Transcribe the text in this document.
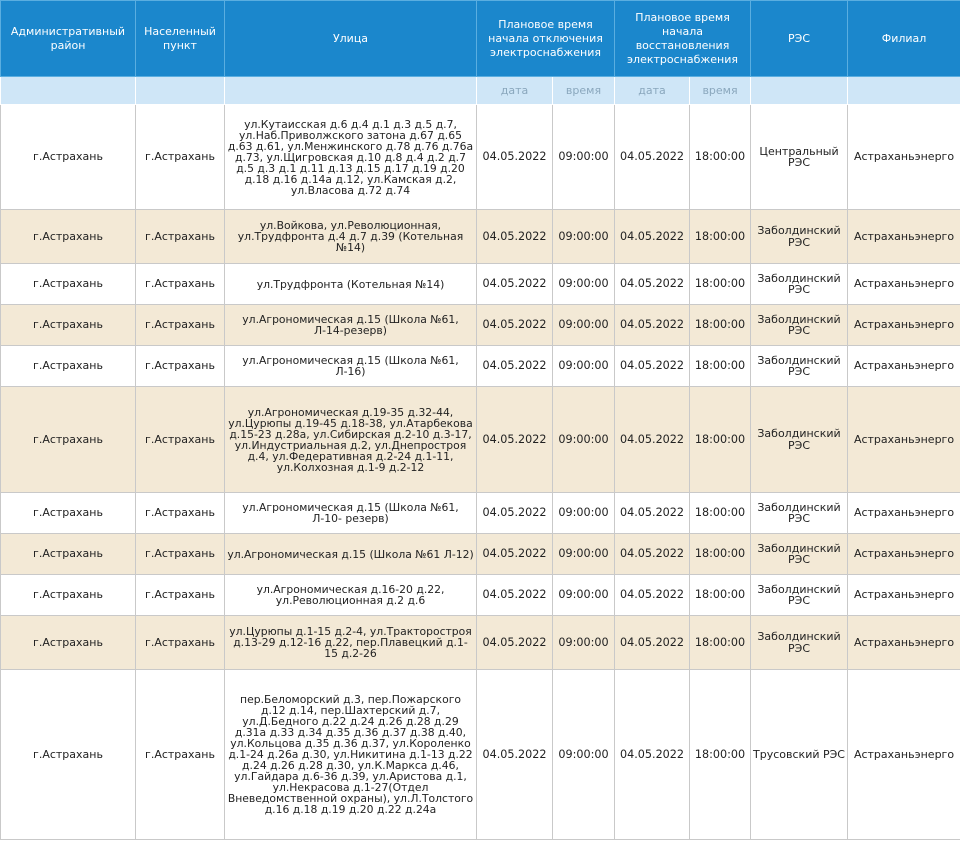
Административный район	Населенный пункт	Улица	Плановое время начала отключения электроснабжения		Плановое время начала восстановления электроснабжения		РЭС	Филиал
			дата	время	дата	время		
г.Астрахань	г.Астрахань	ул.Кутаисская д.6 д.4 д.1 д.3 д.5 д.7, ул.Наб.Приволжского затона д.67 д.65 д.63 д.61, ул.Менжинского д.78 д.76 д.76а д.73, ул.Щигровская д.10 д.8 д.4 д.2 д.7 д.5 д.3 д.1 д.11 д.13 д.15 д.17 д.19 д.20 д.18 д.16 д.14а д.12, ул.Камская д.2, ул.Власова д.72 д.74	04.05.2022	09:00:00	04.05.2022	18:00:00	Центральный РЭС	Астраханьэнерго
г.Астрахань	г.Астрахань	ул.Войкова, ул.Революционная, ул.Трудфронта д.4 д.7 д.39 (Котельная №14)	04.05.2022	09:00:00	04.05.2022	18:00:00	Заболдинский РЭС	Астраханьэнерго
г.Астрахань	г.Астрахань	ул.Трудфронта (Котельная №14)	04.05.2022	09:00:00	04.05.2022	18:00:00	Заболдинский РЭС	Астраханьэнерго
г.Астрахань	г.Астрахань	ул.Агрономическая д.15 (Школа №61, Л-14-резерв)	04.05.2022	09:00:00	04.05.2022	18:00:00	Заболдинский РЭС	Астраханьэнерго
г.Астрахань	г.Астрахань	ул.Агрономическая д.15 (Школа №61, Л-16)	04.05.2022	09:00:00	04.05.2022	18:00:00	Заболдинский РЭС	Астраханьэнерго
г.Астрахань	г.Астрахань	ул.Агрономическая д.19-35 д.32-44, ул.Цурюпы д.19-45 д.18-38, ул.Атарбекова д.15-23 д.28а, ул.Сибирская д.2-10 д.3-17, ул.Индустриальная д.2, ул.Днепростроя д.4, ул.Федеративная д.2-24 д.1-11, ул.Колхозная д.1-9 д.2-12	04.05.2022	09:00:00	04.05.2022	18:00:00	Заболдинский РЭС	Астраханьэнерго
г.Астрахань	г.Астрахань	ул.Агрономическая д.15 (Школа №61, Л-10- резерв)	04.05.2022	09:00:00	04.05.2022	18:00:00	Заболдинский РЭС	Астраханьэнерго
г.Астрахань	г.Астрахань	ул.Агрономическая д.15 (Школа №61 Л-12)	04.05.2022	09:00:00	04.05.2022	18:00:00	Заболдинский РЭС	Астраханьэнерго
г.Астрахань	г.Астрахань	ул.Агрономическая д.16-20 д.22, ул.Революционная д.2 д.6	04.05.2022	09:00:00	04.05.2022	18:00:00	Заболдинский РЭС	Астраханьэнерго
г.Астрахань	г.Астрахань	ул.Цурюпы д.1-15 д.2-4, ул.Тракторостроя д.13-29 д.12-16 д.22, пер.Плавецкий д.1-15 д.2-26	04.05.2022	09:00:00	04.05.2022	18:00:00	Заболдинский РЭС	Астраханьэнерго
г.Астрахань	г.Астрахань	пер.Беломорский д.3, пер.Пожарского д.12 д.14, пер.Шахтерский д.7, ул.Д.Бедного д.22 д.24 д.26 д.28 д.29 д.31а д.33 д.34 д.35 д.36 д.37 д.38 д.40, ул.Кольцова д.35 д.36 д.37, ул.Короленко д.1-24 д.26а д.30, ул.Никитина д.1-13 д.22 д.24 д.26 д.28 д.30, ул.К.Маркса д.46, ул.Гайдара д.6-36 д.39, ул.Аристова д.1, ул.Некрасова д.1-27(Отдел Вневедомственной охраны), ул.Л.Толстого д.16 д.18 д.19 д.20 д.22 д.24а	04.05.2022	09:00:00	04.05.2022	18:00:00	Трусовский РЭС	Астраханьэнерго
